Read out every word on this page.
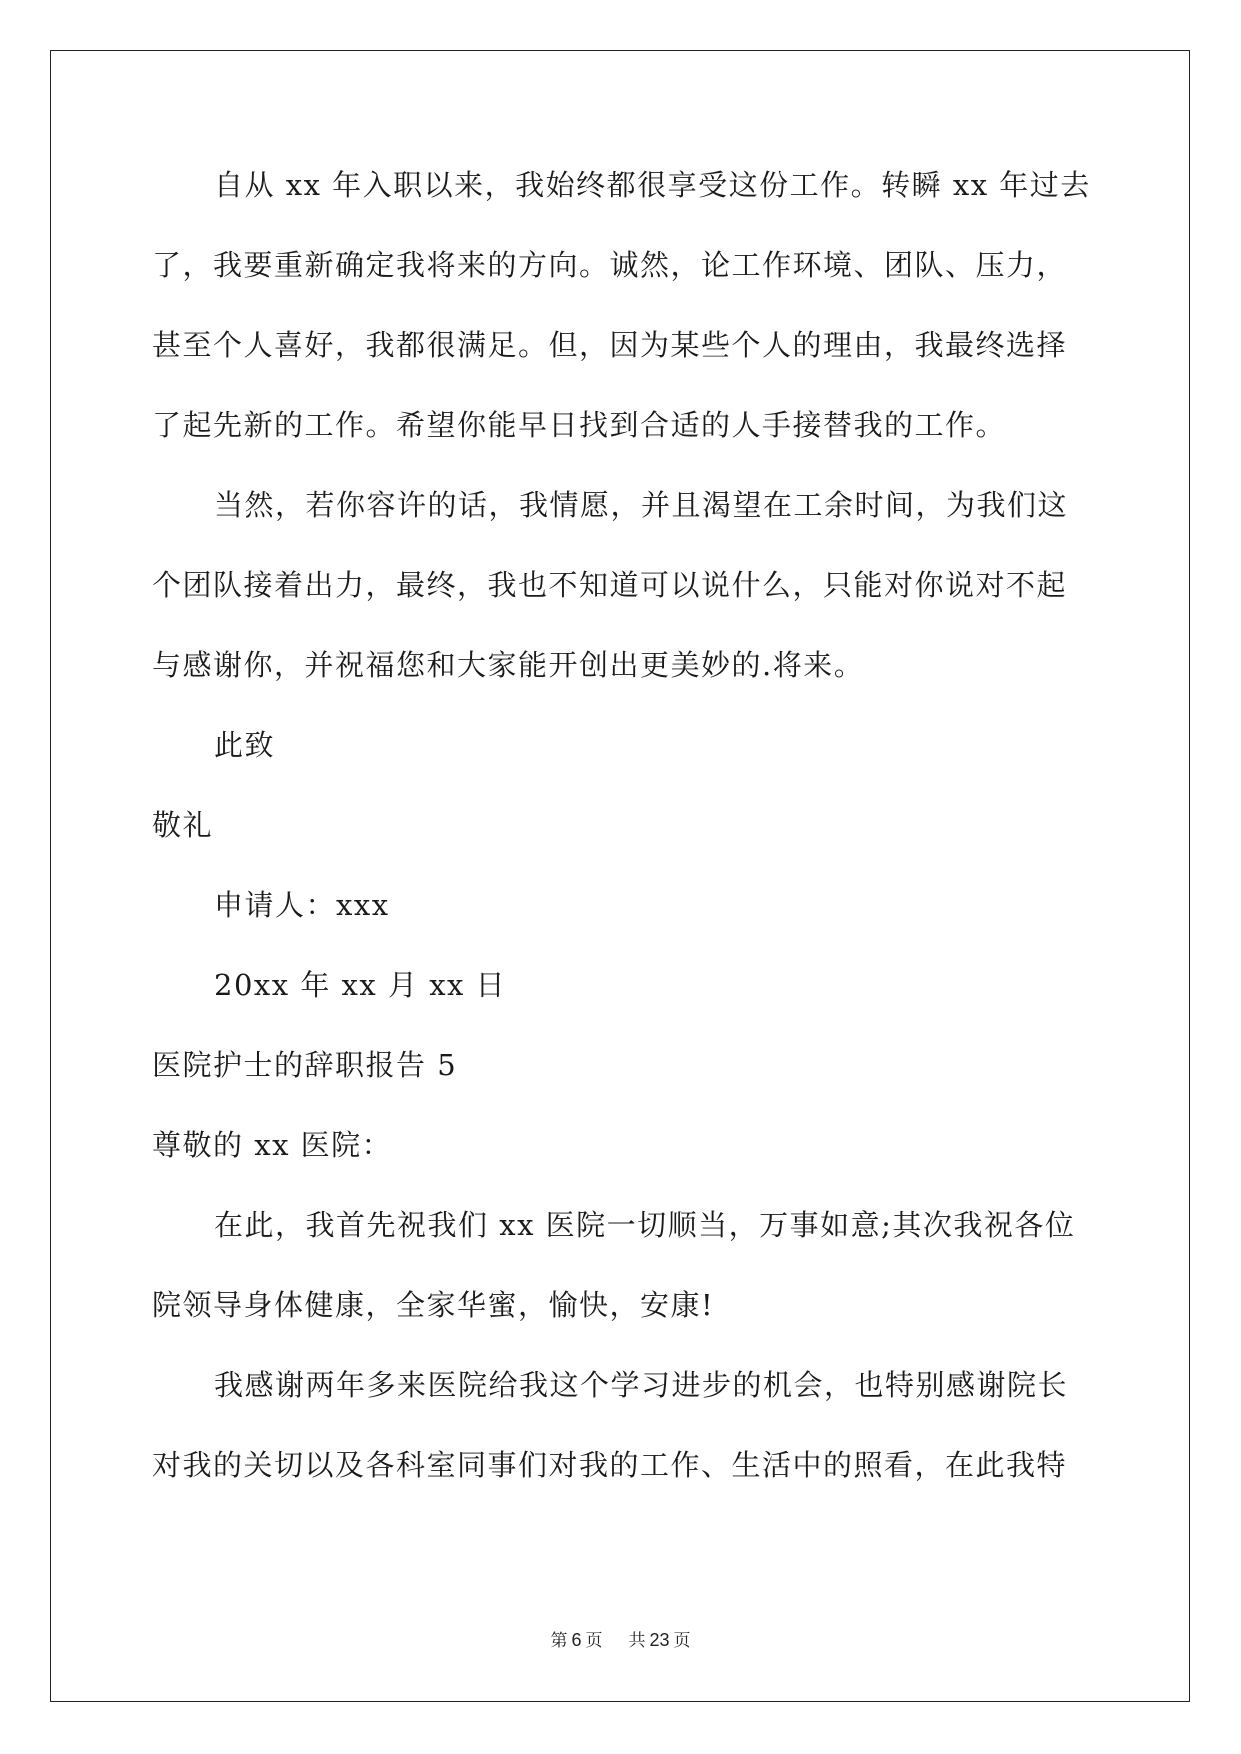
自从 xx 年入职以来，我始终都很享受这份工作。转瞬 xx 年过去
了，我要重新确定我将来的方向。诚然，论工作环境、团队、压力，
甚至个人喜好，我都很满足。但，因为某些个人的理由，我最终选择
了起先新的工作。希望你能早日找到合适的人手接替我的工作。
当然，若你容许的话，我情愿，并且渴望在工余时间，为我们这
个团队接着出力，最终，我也不知道可以说什么，只能对你说对不起
与感谢你，并祝福您和大家能开创出更美妙的.将来。
此致
敬礼
申请人：xxx
20xx 年 xx 月 xx 日
医院护士的辞职报告 5
尊敬的 xx 医院：
在此，我首先祝我们 xx 医院一切顺当，万事如意;其次我祝各位
院领导身体健康，全家华蜜，愉快，安康!
我感谢两年多来医院给我这个学习进步的机会，也特别感谢院长
对我的关切以及各科室同事们对我的工作、生活中的照看，在此我特
第 6 页 共 23 页
